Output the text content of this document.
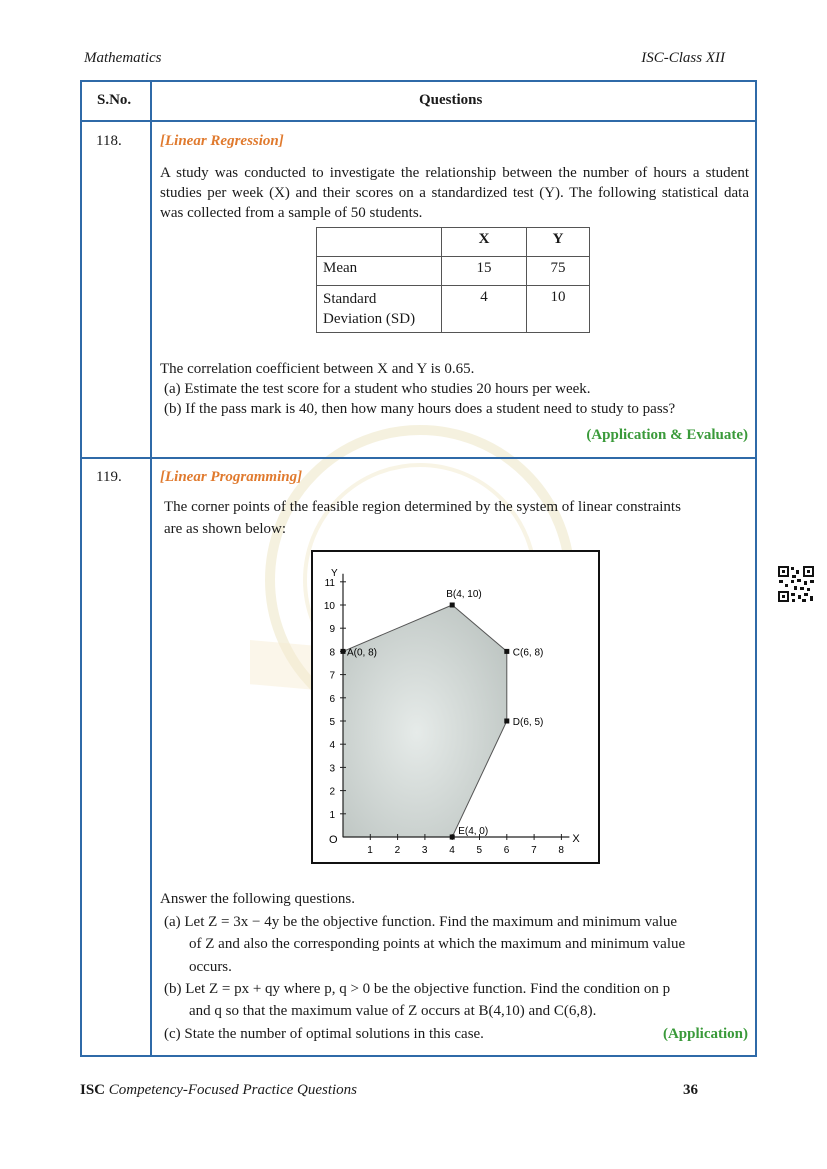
Mathematics	ISC-Class XII
S.No.	Questions
118.	[Linear Regression]
A study was conducted to investigate the relationship between the number of hours a student studies per week (X) and their scores on a standardized test (Y). The following statistical data was collected from a sample of 50 students.
	X	Y
Mean	15	75
Standard Deviation (SD)	4	10
The correlation coefficient between X and Y is 0.65.
(a) Estimate the test score for a student who studies 20 hours per week.
(b) If the pass mark is 40, then how many hours does a student need to study to pass?
(Application & Evaluate)
119.	[Linear Programming]
The corner points of the feasible region determined by the system of linear constraints
are as shown below:
X
Y
O
1 2 3 4 5 6 7 8
1
2
3
4
5
6
7
8
9
10
11
A(0, 8)
B(4, 10)
C(6, 8)
D(6, 5)
E(4, 0)
Answer the following questions.
(a) Let Z = 3x − 4y be the objective function. Find the maximum and minimum value
of Z and also the corresponding points at which the maximum and minimum value
occurs.
(b) Let Z = px + qy where p, q > 0 be the objective function. Find the condition on p
and q so that the maximum value of Z occurs at B(4,10) and C(6,8).
(c) State the number of optimal solutions in this case.	(Application)
ISC Competency-Focused Practice Questions	36
